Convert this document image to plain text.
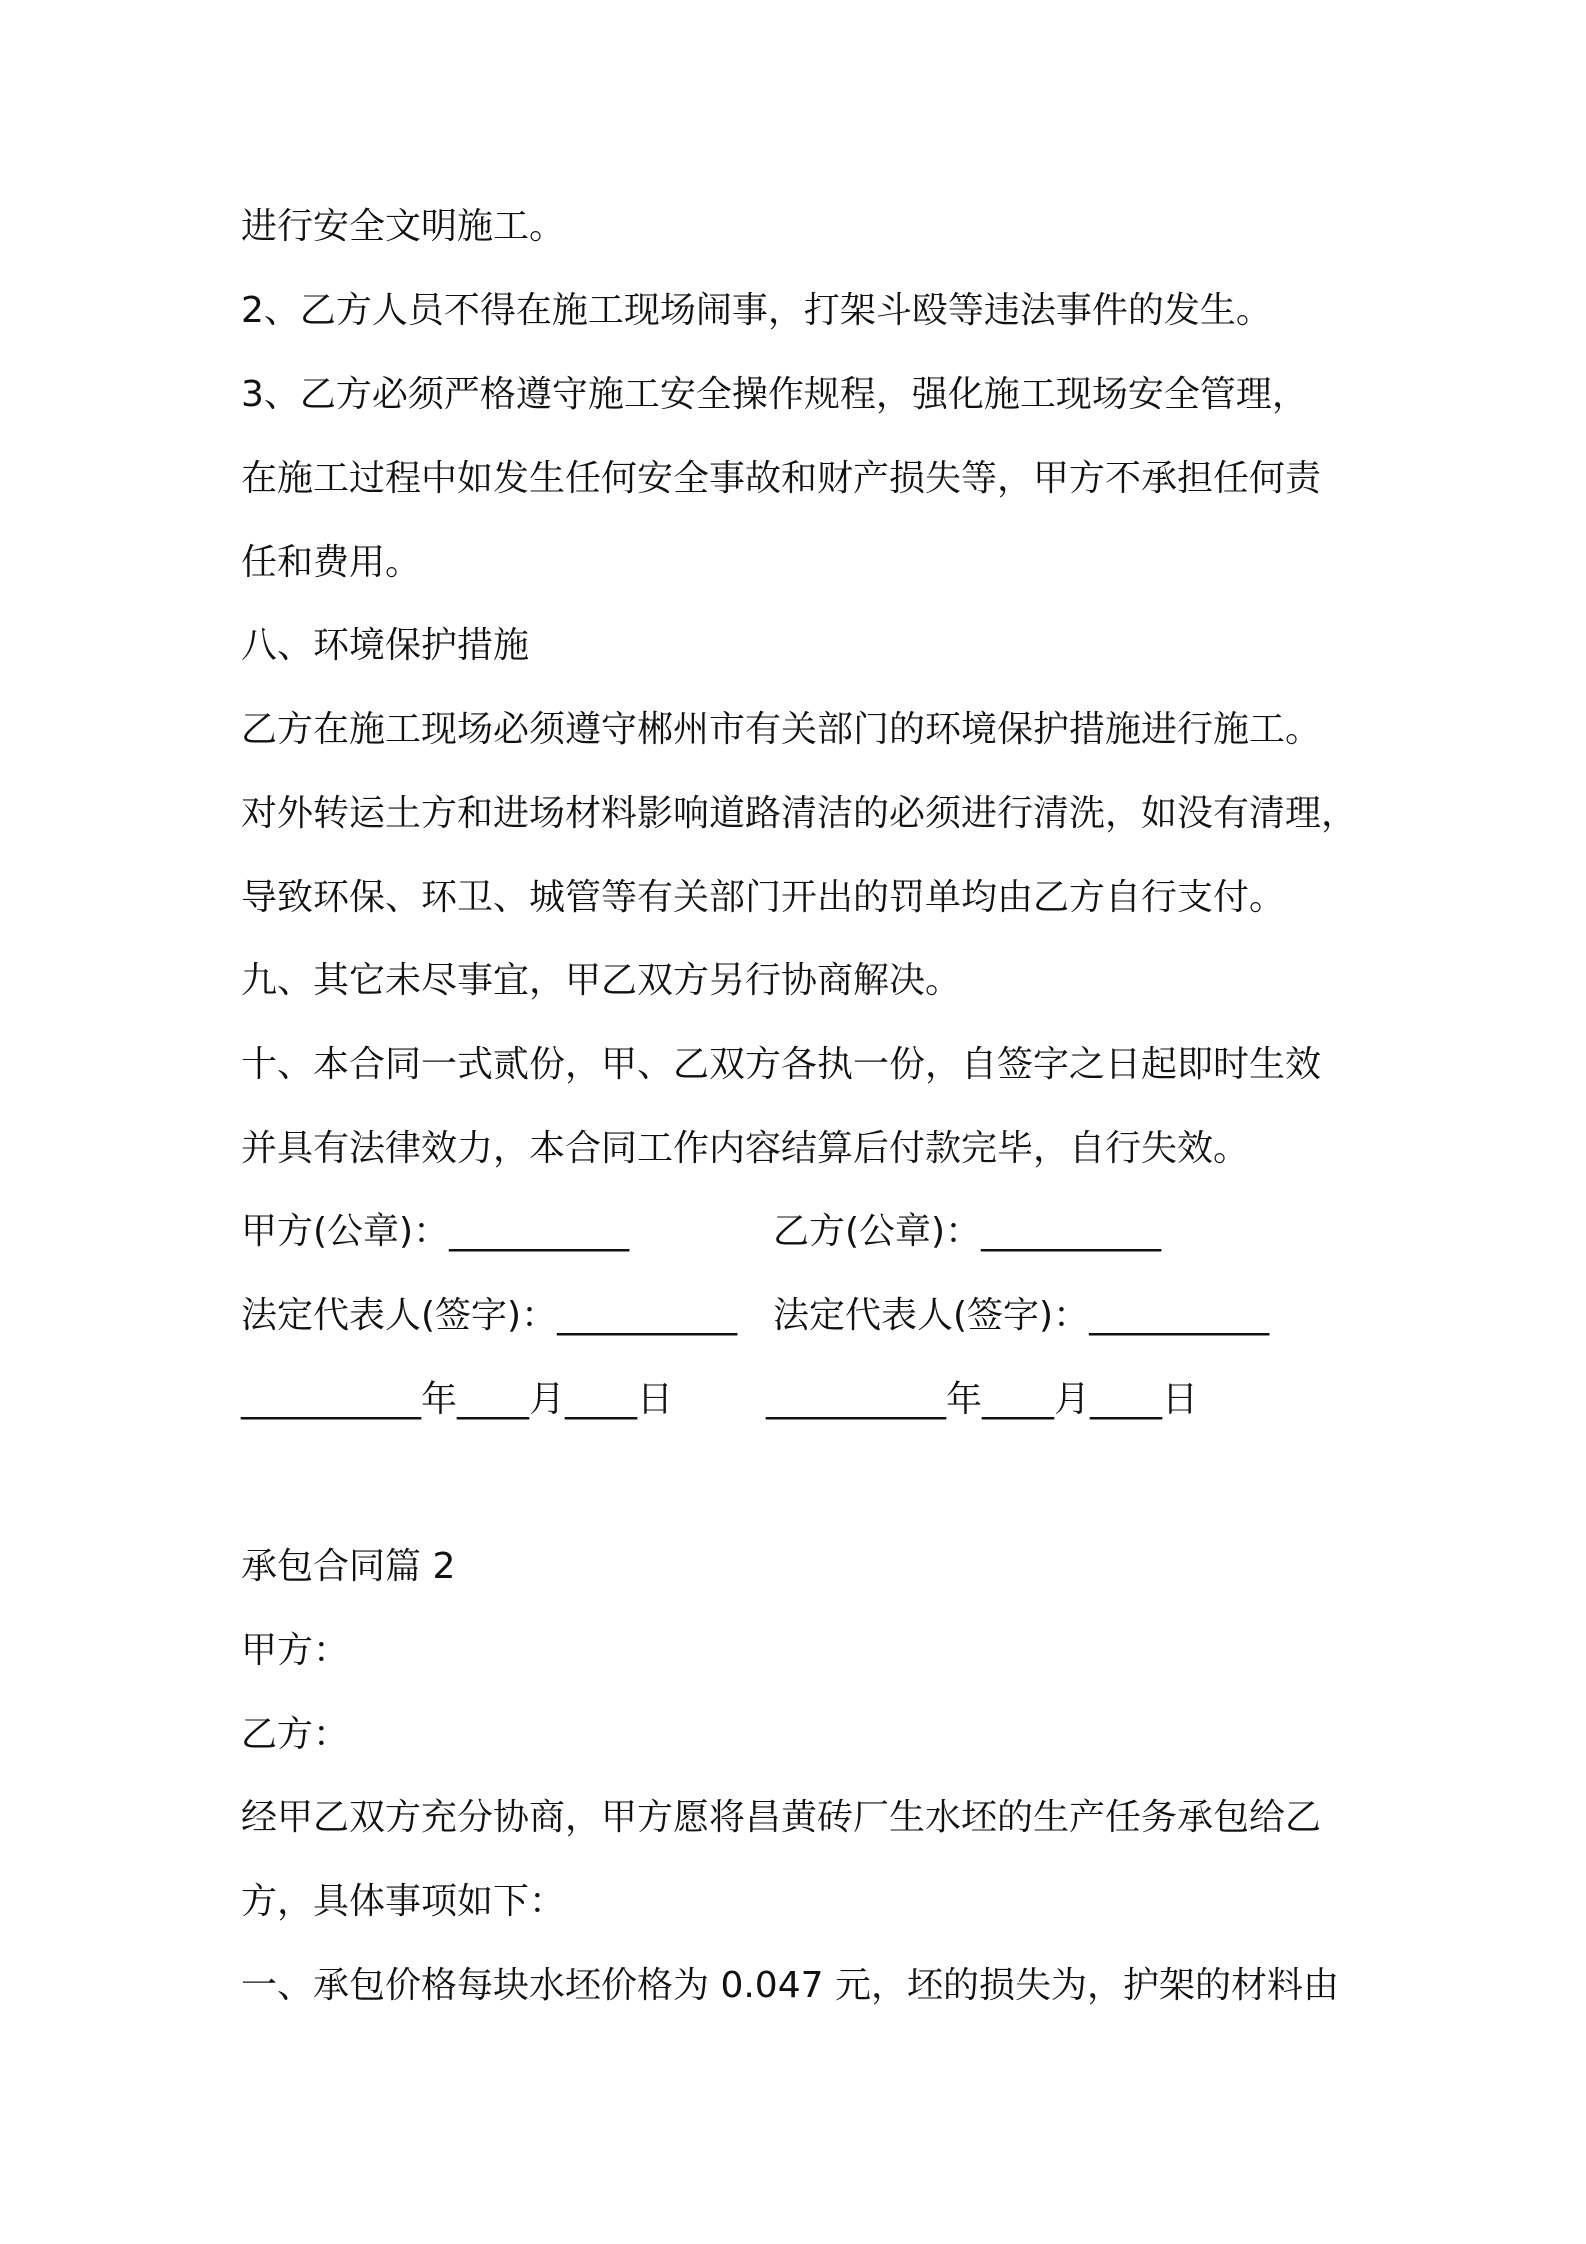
进行安全文明施工。

2、乙方人员不得在施工现场闹事，打架斗殴等违法事件的发生。

3、乙方必须严格遵守施工安全操作规程，强化施工现场安全管理，

在施工过程中如发生任何安全事故和财产损失等，甲方不承担任何责

任和费用。

八、环境保护措施

乙方在施工现场必须遵守郴州市有关部门的环境保护措施进行施工。

对外转运土方和进场材料影响道路清洁的必须进行清洗，如没有清理，

导致环保、环卫、城管等有关部门开出的罚单均由乙方自行支付。

九、其它未尽事宜，甲乙双方另行协商解决。

十、本合同一式贰份，甲、乙双方各执一份，自签字之日起即时生效

并具有法律效力，本合同工作内容结算后付款完毕，自行失效。

甲方(公章)：__________	乙方(公章)：__________
法定代表人(签字)：__________ 法定代表人(签字)：__________
__________年____月____日	__________年____月____日

承包合同篇 2

甲方：

乙方：

经甲乙双方充分协商，甲方愿将昌黄砖厂生水坯的生产任务承包给乙

方，具体事项如下：

一、承包价格每块水坯价格为 0.047 元，坯的损失为，护架的材料由
